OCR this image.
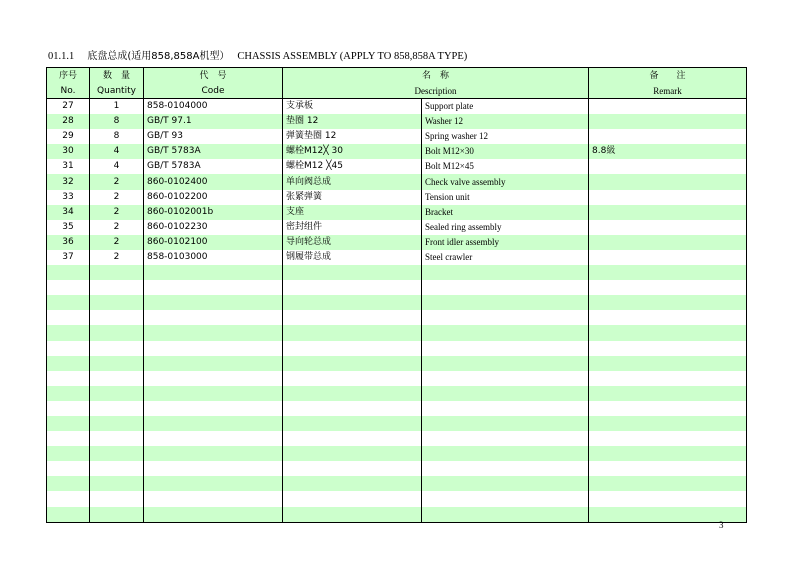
01.1.1 底盘总成(适用858,858A机型） CHASSIS ASSEMBLY (APPLY TO 858,858A TYPE)
序号	数　量	代　号	名　称		备　　注
No.	Quantity	Code	Description		Remark
27	1	858-0104000	支承板	Support plate	
28	8	GB/T 97.1	垫圈 12	Washer 12	
29	8	GB/T 93	弹簧垫圈 12	Spring washer 12	
30	4	GB/T 5783A	螺栓M12╳ 30	Bolt M12×30	8.8級
31	4	GB/T 5783A	螺栓M12 ╳45	Bolt M12×45	
32	2	860-0102400	单向阀总成	Check valve assembly	
33	2	860-0102200	张紧弹簧	Tension unit	
34	2	860-0102001b	支座	Bracket	
35	2	860-0102230	密封组件	Sealed ring assembly	
36	2	860-0102100	导向轮总成	Front idler assembly	
37	2	858-0103000	钢履带总成	Steel crawler	

3
